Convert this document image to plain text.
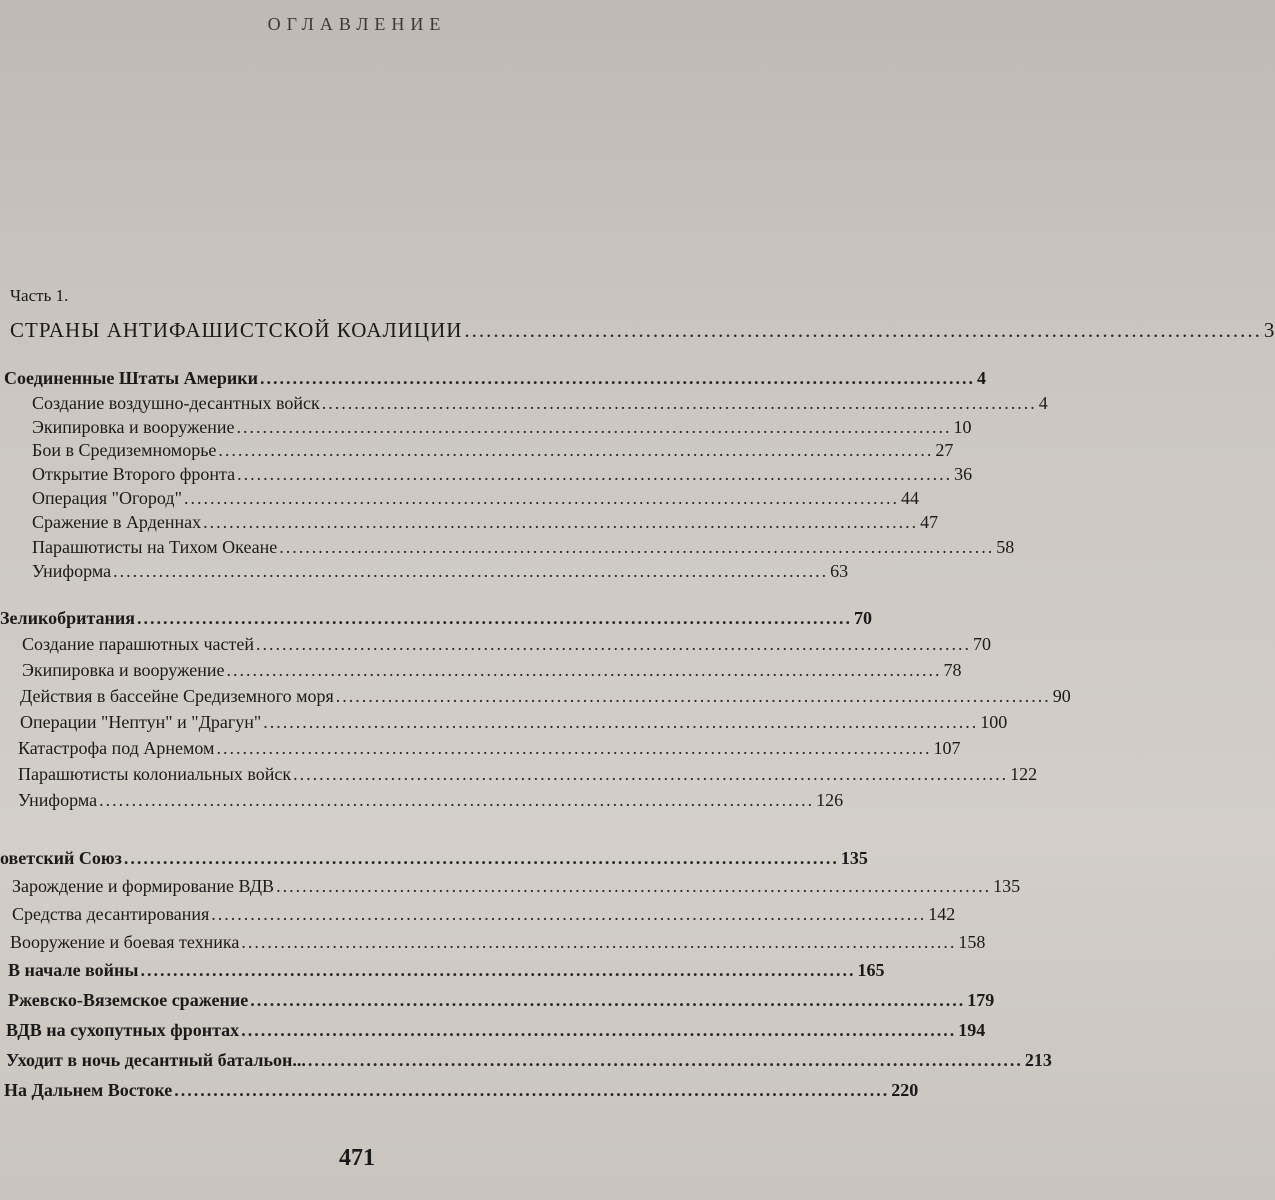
ОГЛАВЛЕНИЕ
Часть 1.
СТРАНЫ АНТИФАШИСТСКОЙ КОАЛИЦИИ .............................................................................................................. 3
Соединенные Штаты Америки .............................................................................................................. 4
Создание воздушно-десантных войск .............................................................................................................. 4
Экипировка и вооружение .............................................................................................................. 10
Бои в Средиземноморье .............................................................................................................. 27
Открытие Второго фронта .............................................................................................................. 36
Операция "Огород" .............................................................................................................. 44
Сражение в Арденнах .............................................................................................................. 47
Парашютисты на Тихом Океане .............................................................................................................. 58
Униформа .............................................................................................................. 63
Зеликобритания .............................................................................................................. 70
Создание парашютных частей .............................................................................................................. 70
Экипировка и вооружение .............................................................................................................. 78
Действия в бассейне Средиземного моря .............................................................................................................. 90
Операции "Нептун" и "Драгун" .............................................................................................................. 100
Катастрофа под Арнемом .............................................................................................................. 107
Парашютисты колониальных войск .............................................................................................................. 122
Униформа .............................................................................................................. 126
оветский Союз .............................................................................................................. 135
Зарождение и формирование ВДВ .............................................................................................................. 135
Средства десантирования .............................................................................................................. 142
Вооружение и боевая техника .............................................................................................................. 158
В начале войны .............................................................................................................. 165
Ржевско-Вяземское сражение .............................................................................................................. 179
ВДВ на сухопутных фронтах .............................................................................................................. 194
Уходит в ночь десантный батальон... .............................................................................................................. 213
На Дальнем Востоке .............................................................................................................. 220
471
